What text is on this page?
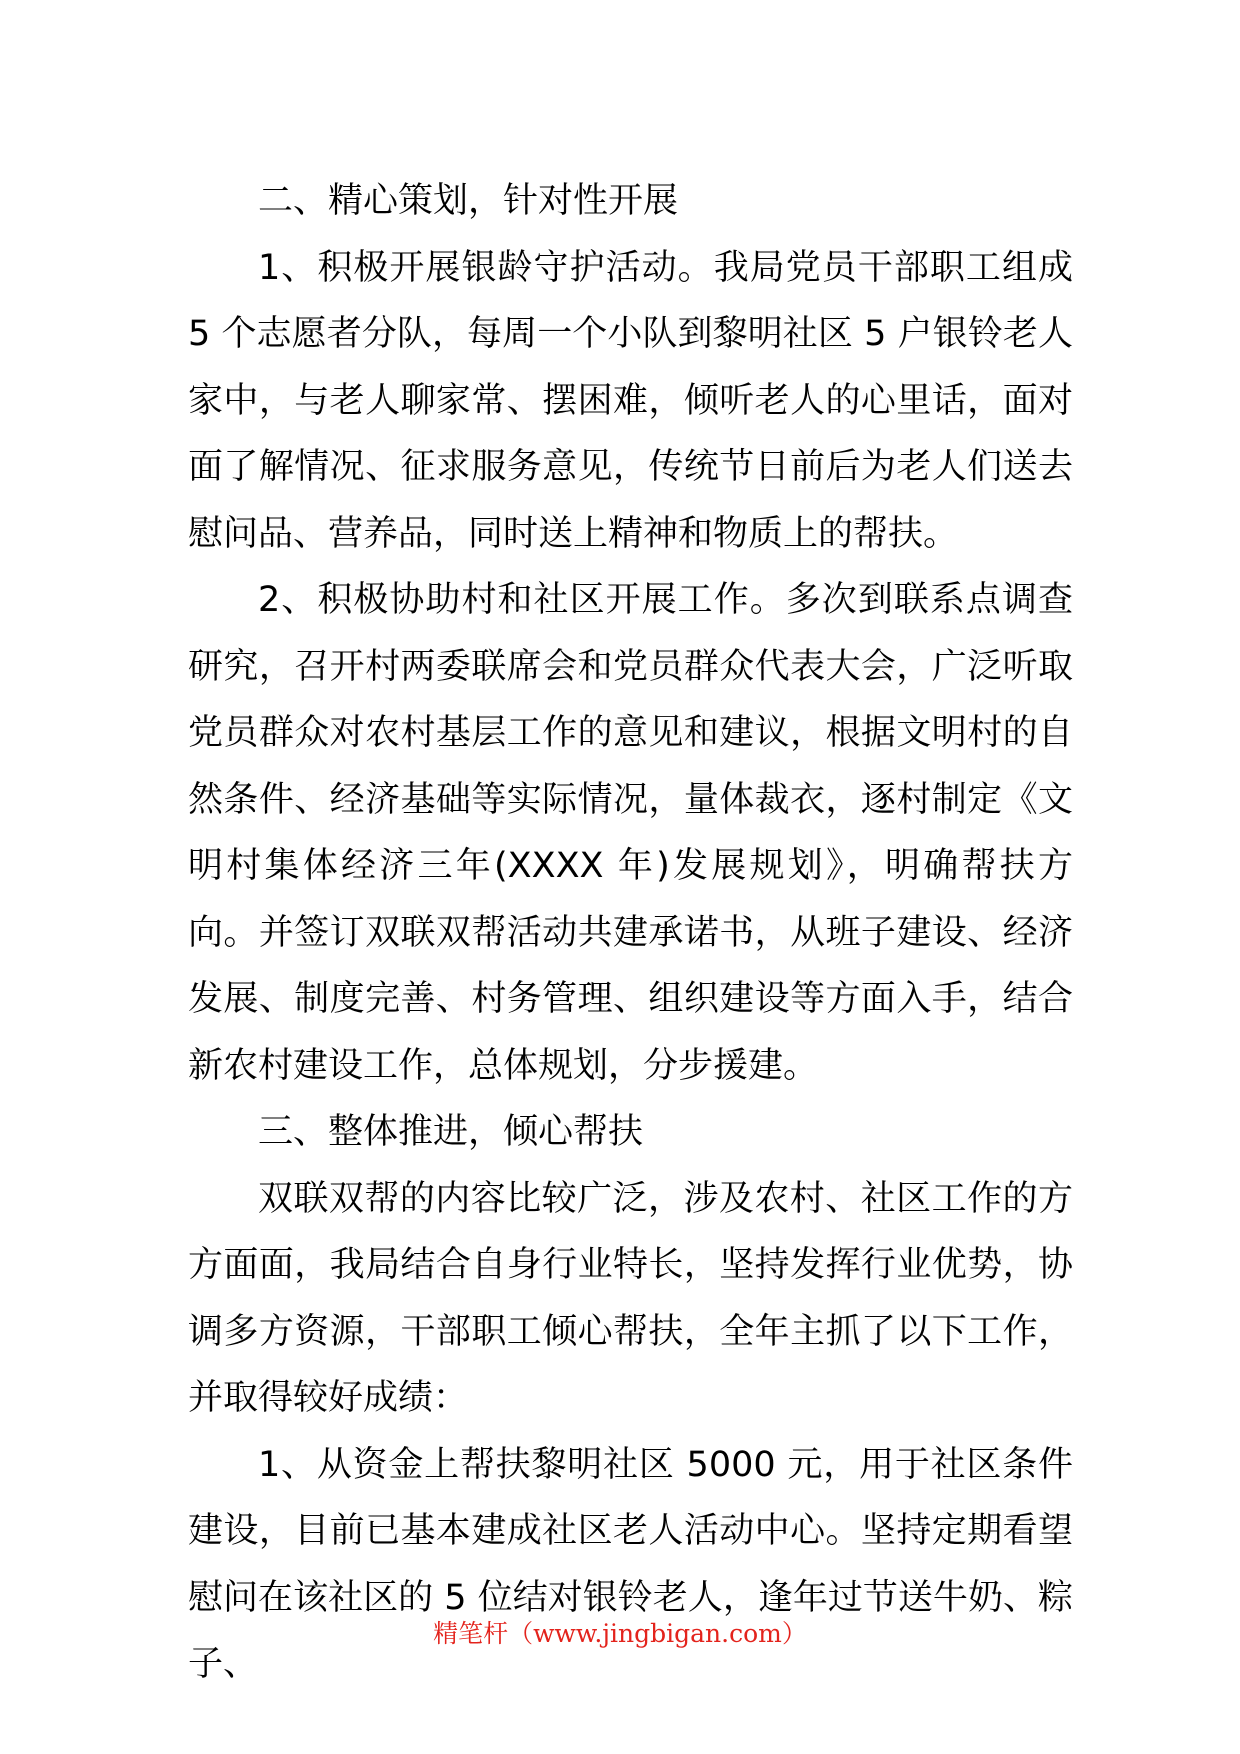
二、精心策划，针对性开展

1、积极开展银龄守护活动。我局党员干部职工组成 5 个志愿者分队，每周一个小队到黎明社区 5 户银铃老人家中，与老人聊家常、摆困难，倾听老人的心里话，面对面了解情况、征求服务意见，传统节日前后为老人们送去慰问品、营养品，同时送上精神和物质上的帮扶。

2、积极协助村和社区开展工作。多次到联系点调查研究，召开村两委联席会和党员群众代表大会，广泛听取党员群众对农村基层工作的意见和建议，根据文明村的自然条件、经济基础等实际情况，量体裁衣，逐村制定《文明村集体经济三年(XXXX 年)发展规划》，明确帮扶方向。并签订双联双帮活动共建承诺书，从班子建设、经济发展、制度完善、村务管理、组织建设等方面入手，结合新农村建设工作，总体规划，分步援建。

三、整体推进，倾心帮扶

双联双帮的内容比较广泛，涉及农村、社区工作的方方面面，我局结合自身行业特长，坚持发挥行业优势，协调多方资源，干部职工倾心帮扶，全年主抓了以下工作，并取得较好成绩：

1、从资金上帮扶黎明社区 5000 元，用于社区条件建设，目前已基本建成社区老人活动中心。坚持定期看望慰问在该社区的 5 位结对银铃老人，逢年过节送牛奶、粽子、

精笔杆（www.jingbigan.com）
